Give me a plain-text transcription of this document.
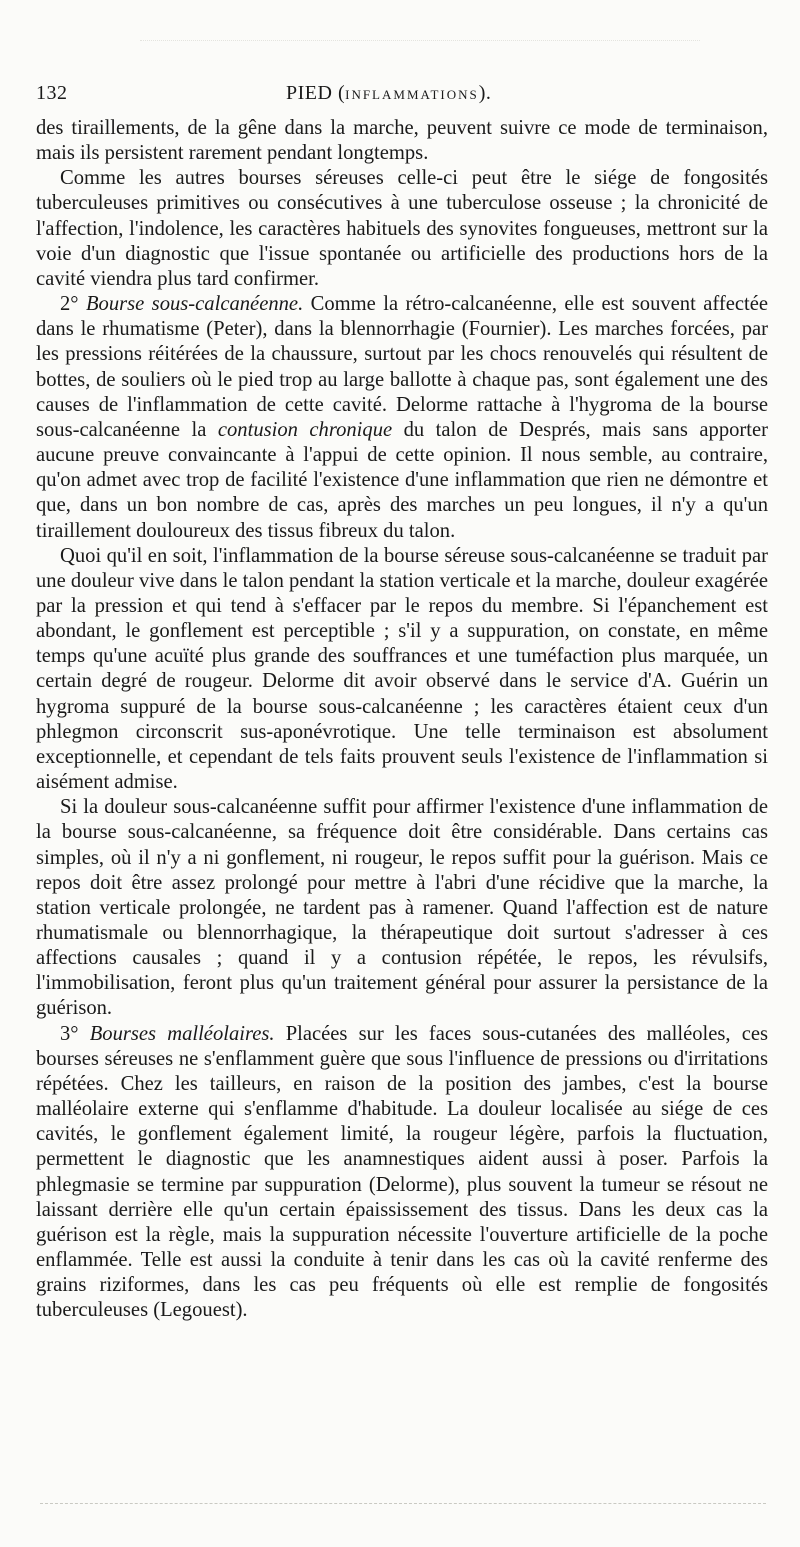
132	PIED (INFLAMMATIONS).

des tiraillements, de la gêne dans la marche, peuvent suivre ce mode de terminaison, mais ils persistent rarement pendant longtemps.

Comme les autres bourses séreuses celle-ci peut être le siége de fongosités tuberculeuses primitives ou consécutives à une tuberculose osseuse ; la chronicité de l'affection, l'indolence, les caractères habituels des synovites fongueuses, mettront sur la voie d'un diagnostic que l'issue spontanée ou artificielle des productions hors de la cavité viendra plus tard confirmer.

2° Bourse sous-calcanéenne. Comme la rétro-calcanéenne, elle est souvent affectée dans le rhumatisme (Peter), dans la blennorrhagie (Fournier). Les marches forcées, par les pressions réitérées de la chaussure, surtout par les chocs renouvelés qui résultent de bottes, de souliers où le pied trop au large ballotte à chaque pas, sont également une des causes de l'inflammation de cette cavité. Delorme rattache à l'hygroma de la bourse sous-calcanéenne la contusion chronique du talon de Després, mais sans apporter aucune preuve convaincante à l'appui de cette opinion. Il nous semble, au contraire, qu'on admet avec trop de facilité l'existence d'une inflammation que rien ne démontre et que, dans un bon nombre de cas, après des marches un peu longues, il n'y a qu'un tiraillement douloureux des tissus fibreux du talon.

Quoi qu'il en soit, l'inflammation de la bourse séreuse sous-calcanéenne se traduit par une douleur vive dans le talon pendant la station verticale et la marche, douleur exagérée par la pression et qui tend à s'effacer par le repos du membre. Si l'épanchement est abondant, le gonflement est perceptible ; s'il y a suppuration, on constate, en même temps qu'une acuïté plus grande des souffrances et une tuméfaction plus marquée, un certain degré de rougeur. Delorme dit avoir observé dans le service d'A. Guérin un hygroma suppuré de la bourse sous-calcanéenne ; les caractères étaient ceux d'un phlegmon circonscrit sus-aponévrotique. Une telle terminaison est absolument exceptionnelle, et cependant de tels faits prouvent seuls l'existence de l'inflammation si aisément admise.

Si la douleur sous-calcanéenne suffit pour affirmer l'existence d'une inflammation de la bourse sous-calcanéenne, sa fréquence doit être considérable. Dans certains cas simples, où il n'y a ni gonflement, ni rougeur, le repos suffit pour la guérison. Mais ce repos doit être assez prolongé pour mettre à l'abri d'une récidive que la marche, la station verticale prolongée, ne tardent pas à ramener. Quand l'affection est de nature rhumatismale ou blennorrhagique, la thérapeutique doit surtout s'adresser à ces affections causales ; quand il y a contusion répétée, le repos, les révulsifs, l'immobilisation, feront plus qu'un traitement général pour assurer la persistance de la guérison.

3° Bourses malléolaires. Placées sur les faces sous-cutanées des malléoles, ces bourses séreuses ne s'enflamment guère que sous l'influence de pressions ou d'irritations répétées. Chez les tailleurs, en raison de la position des jambes, c'est la bourse malléolaire externe qui s'enflamme d'habitude. La douleur localisée au siége de ces cavités, le gonflement également limité, la rougeur légère, parfois la fluctuation, permettent le diagnostic que les anamnestiques aident aussi à poser. Parfois la phlegmasie se termine par suppuration (Delorme), plus souvent la tumeur se résout ne laissant derrière elle qu'un certain épaississement des tissus. Dans les deux cas la guérison est la règle, mais la suppuration nécessite l'ouverture artificielle de la poche enflammée. Telle est aussi la conduite à tenir dans les cas où la cavité renferme des grains riziformes, dans les cas peu fréquents où elle est remplie de fongosités tuberculeuses (Legouest).
